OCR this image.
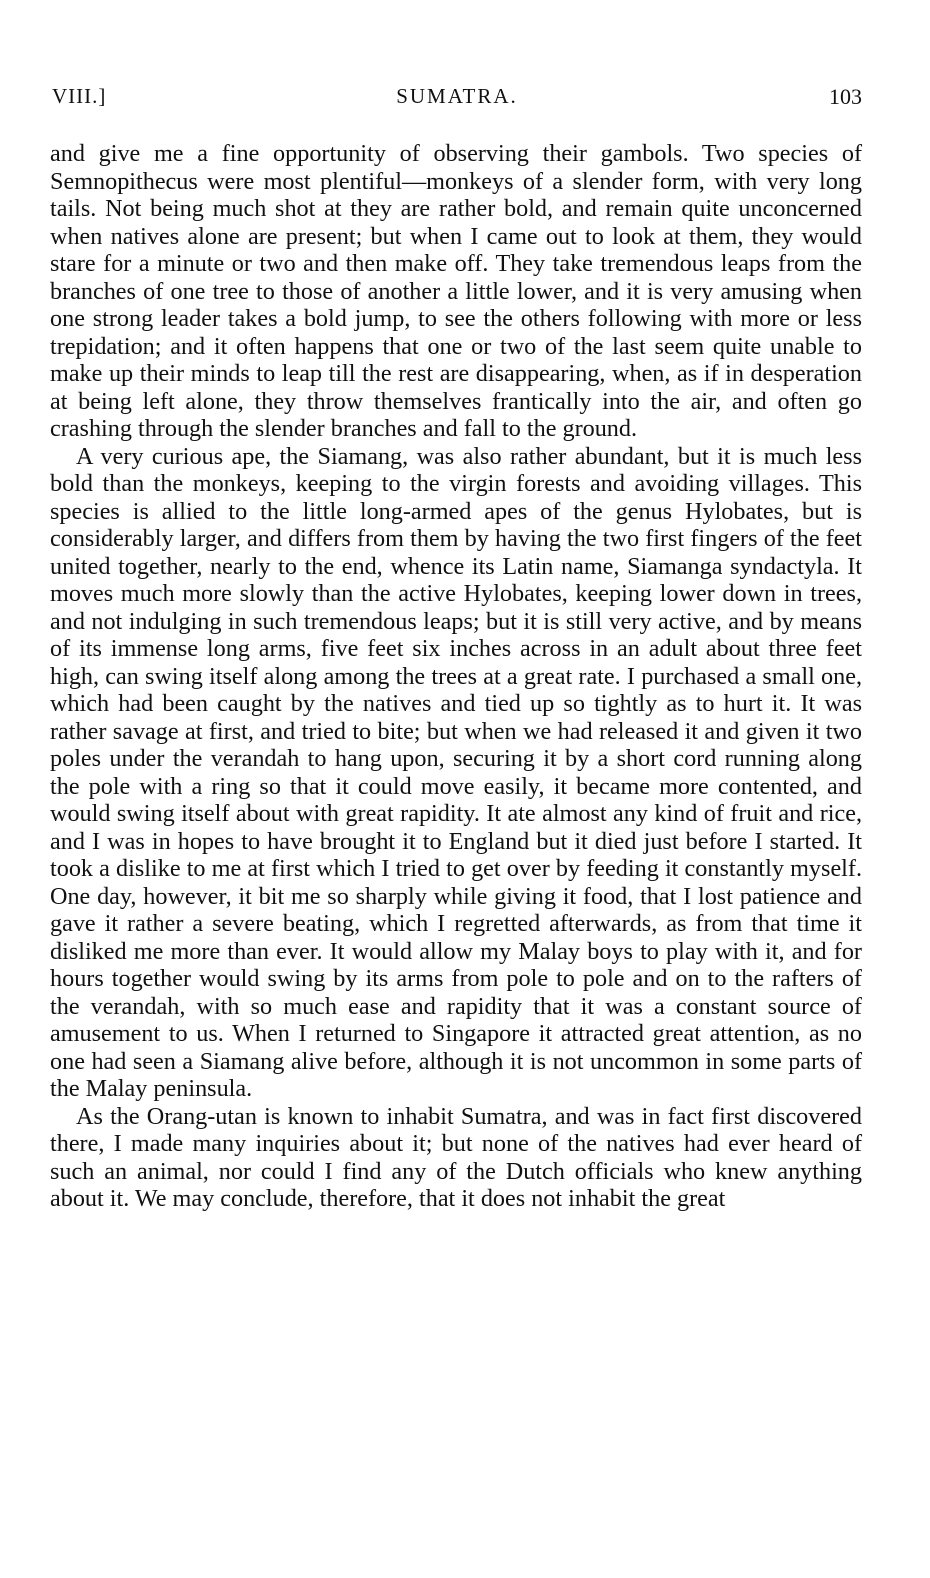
VIII.]	SUMATRA.	103

and give me a fine opportunity of observing their gambols. Two species of Semnopithecus were most plentiful—monkeys of a slender form, with very long tails. Not being much shot at they are rather bold, and remain quite unconcerned when natives alone are present; but when I came out to look at them, they would stare for a minute or two and then make off. They take tremendous leaps from the branches of one tree to those of another a little lower, and it is very amusing when one strong leader takes a bold jump, to see the others following with more or less trepidation; and it often happens that one or two of the last seem quite unable to make up their minds to leap till the rest are disappearing, when, as if in desperation at being left alone, they throw themselves frantically into the air, and often go crashing through the slender branches and fall to the ground.

A very curious ape, the Siamang, was also rather abundant, but it is much less bold than the monkeys, keeping to the virgin forests and avoiding villages. This species is allied to the little long-armed apes of the genus Hylobates, but is considerably larger, and differs from them by having the two first fingers of the feet united together, nearly to the end, whence its Latin name, Siamanga syndactyla. It moves much more slowly than the active Hylobates, keeping lower down in trees, and not indulging in such tremendous leaps; but it is still very active, and by means of its immense long arms, five feet six inches across in an adult about three feet high, can swing itself along among the trees at a great rate. I purchased a small one, which had been caught by the natives and tied up so tightly as to hurt it. It was rather savage at first, and tried to bite; but when we had released it and given it two poles under the verandah to hang upon, securing it by a short cord running along the pole with a ring so that it could move easily, it became more contented, and would swing itself about with great rapidity. It ate almost any kind of fruit and rice, and I was in hopes to have brought it to England but it died just before I started. It took a dislike to me at first which I tried to get over by feeding it constantly myself. One day, however, it bit me so sharply while giving it food, that I lost patience and gave it rather a severe beating, which I regretted afterwards, as from that time it disliked me more than ever. It would allow my Malay boys to play with it, and for hours together would swing by its arms from pole to pole and on to the rafters of the verandah, with so much ease and rapidity that it was a constant source of amusement to us. When I returned to Singapore it attracted great attention, as no one had seen a Siamang alive before, although it is not uncommon in some parts of the Malay peninsula.

As the Orang-utan is known to inhabit Sumatra, and was in fact first discovered there, I made many inquiries about it; but none of the natives had ever heard of such an animal, nor could I find any of the Dutch officials who knew anything about it. We may conclude, therefore, that it does not inhabit the great
